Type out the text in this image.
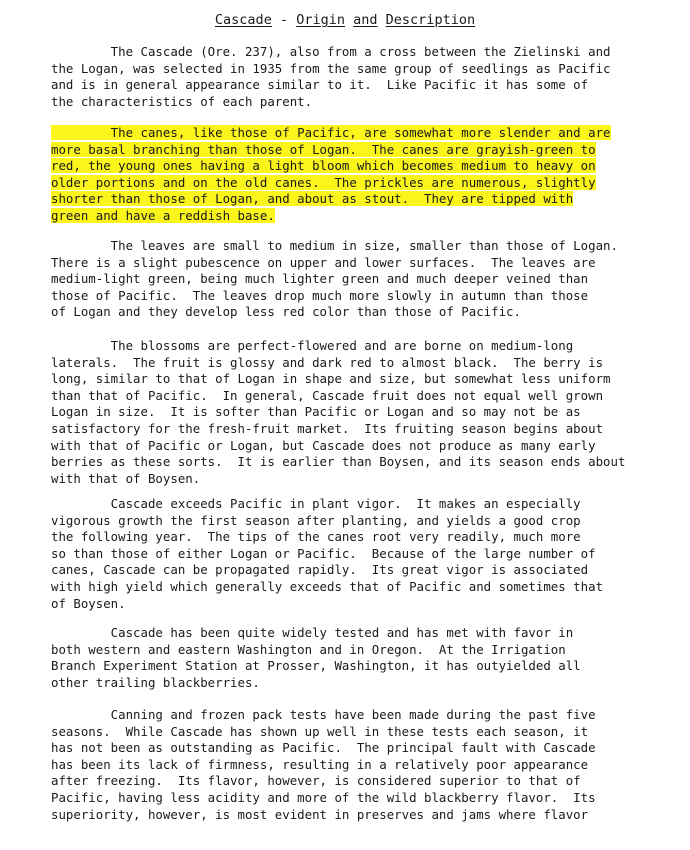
Cascade - Origin and Description

The Cascade (Ore. 237), also from a cross between the Zielinski and
the Logan, was selected in 1935 from the same group of seedlings as Pacific
and is in general appearance similar to it.  Like Pacific it has some of
the characteristics of each parent.

The canes, like those of Pacific, are somewhat more slender and are
more basal branching than those of Logan.  The canes are grayish-green to
red, the young ones having a light bloom which becomes medium to heavy on
older portions and on the old canes.  The prickles are numerous, slightly
shorter than those of Logan, and about as stout.  They are tipped with
green and have a reddish base.

The leaves are small to medium in size, smaller than those of Logan.
There is a slight pubescence on upper and lower surfaces.  The leaves are
medium-light green, being much lighter green and much deeper veined than
those of Pacific.  The leaves drop much more slowly in autumn than those
of Logan and they develop less red color than those of Pacific.

The blossoms are perfect-flowered and are borne on medium-long
laterals.  The fruit is glossy and dark red to almost black.  The berry is
long, similar to that of Logan in shape and size, but somewhat less uniform
than that of Pacific.  In general, Cascade fruit does not equal well grown
Logan in size.  It is softer than Pacific or Logan and so may not be as
satisfactory for the fresh-fruit market.  Its fruiting season begins about
with that of Pacific or Logan, but Cascade does not produce as many early
berries as these sorts.  It is earlier than Boysen, and its season ends about
with that of Boysen.

Cascade exceeds Pacific in plant vigor.  It makes an especially
vigorous growth the first season after planting, and yields a good crop
the following year.  The tips of the canes root very readily, much more
so than those of either Logan or Pacific.  Because of the large number of
canes, Cascade can be propagated rapidly.  Its great vigor is associated
with high yield which generally exceeds that of Pacific and sometimes that
of Boysen.

Cascade has been quite widely tested and has met with favor in
both western and eastern Washington and in Oregon.  At the Irrigation
Branch Experiment Station at Prosser, Washington, it has outyielded all
other trailing blackberries.

Canning and frozen pack tests have been made during the past five
seasons.  While Cascade has shown up well in these tests each season, it
has not been as outstanding as Pacific.  The principal fault with Cascade
has been its lack of firmness, resulting in a relatively poor appearance
after freezing.  Its flavor, however, is considered superior to that of
Pacific, having less acidity and more of the wild blackberry flavor.  Its
superiority, however, is most evident in preserves and jams where flavor
